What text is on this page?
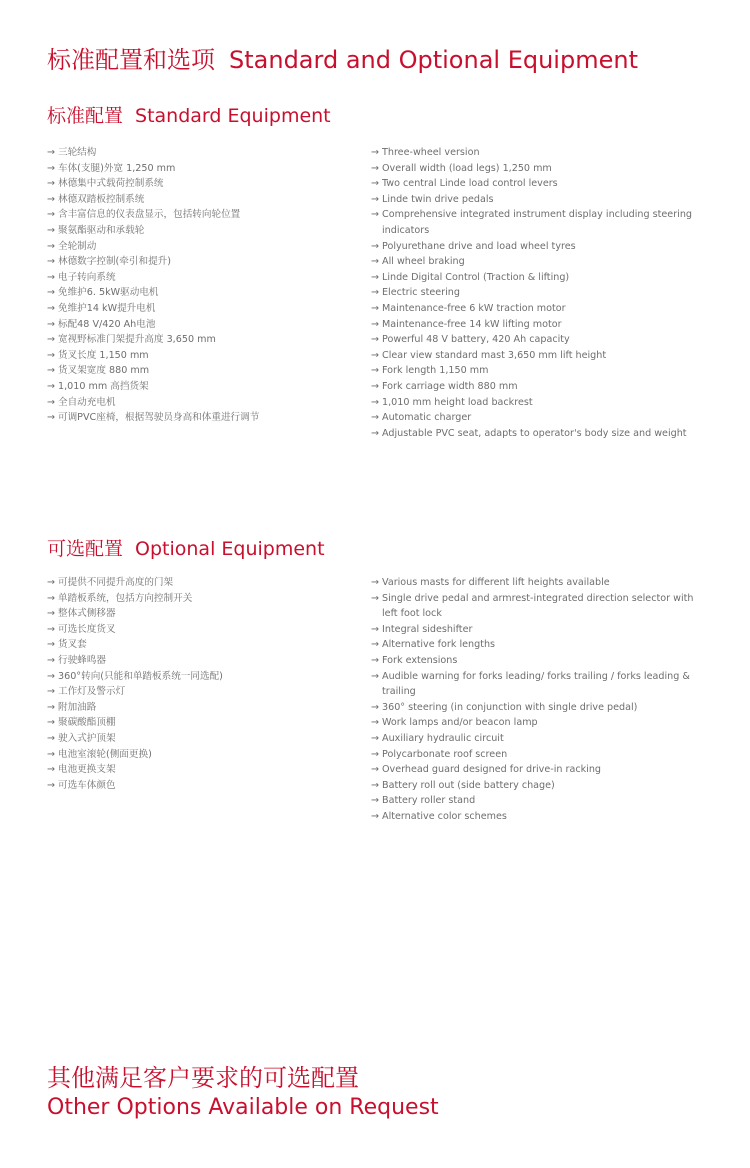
标准配置和选项 Standard and Optional Equipment
标准配置 Standard Equipment
→ 三轮结构
→ 车体(支腿)外宽 1,250 mm
→ 林德集中式载荷控制系统
→ 林德双踏板控制系统
→ 含丰富信息的仪表盘显示，包括转向轮位置
→ 聚氨酯驱动和承载轮
→ 全轮制动
→ 林德数字控制(牵引和提升)
→ 电子转向系统
→ 免维护6. 5kW驱动电机
→ 免维护14 kW提升电机
→ 标配48 V/420 Ah电池
→ 宽视野标准门架提升高度 3,650 mm
→ 货叉长度 1,150 mm
→ 货叉架宽度 880 mm
→ 1,010 mm 高挡货架
→ 全自动充电机
→ 可调PVC座椅，根据驾驶员身高和体重进行调节
→ Three-wheel version
→ Overall width (load legs) 1,250 mm
→ Two central Linde load control levers
→ Linde twin drive pedals
→ Comprehensive integrated instrument display including steering indicators
→ Polyurethane drive and load wheel tyres
→ All wheel braking
→ Linde Digital Control (Traction & lifting)
→ Electric steering
→ Maintenance-free 6 kW traction motor
→ Maintenance-free 14 kW lifting motor
→ Powerful 48 V battery, 420 Ah capacity
→ Clear view standard mast 3,650 mm lift height
→ Fork length 1,150 mm
→ Fork carriage width 880 mm
→ 1,010 mm height load backrest
→ Automatic charger
→ Adjustable PVC seat, adapts to operator's body size and weight
可选配置 Optional Equipment
→ 可提供不同提升高度的门架
→ 单踏板系统，包括方向控制开关
→ 整体式侧移器
→ 可选长度货叉
→ 货叉套
→ 行驶蜂鸣器
→ 360°转向(只能和单踏板系统一同选配)
→ 工作灯及警示灯
→ 附加油路
→ 聚碳酸酯顶棚
→ 驶入式护顶架
→ 电池室滚轮(侧面更换)
→ 电池更换支架
→ 可选车体颜色
→ Various masts for different lift heights available
→ Single drive pedal and armrest-integrated direction selector with left foot lock
→ Integral sideshifter
→ Alternative fork lengths
→ Fork extensions
→ Audible warning for forks leading/ forks trailing / forks leading & trailing
→ 360° steering (in conjunction with single drive pedal)
→ Work lamps and/or beacon lamp
→ Auxiliary hydraulic circuit
→ Polycarbonate roof screen
→ Overhead guard designed for drive-in racking
→ Battery roll out (side battery chage)
→ Battery roller stand
→ Alternative color schemes
其他满足客户要求的可选配置
Other Options Available on Request
